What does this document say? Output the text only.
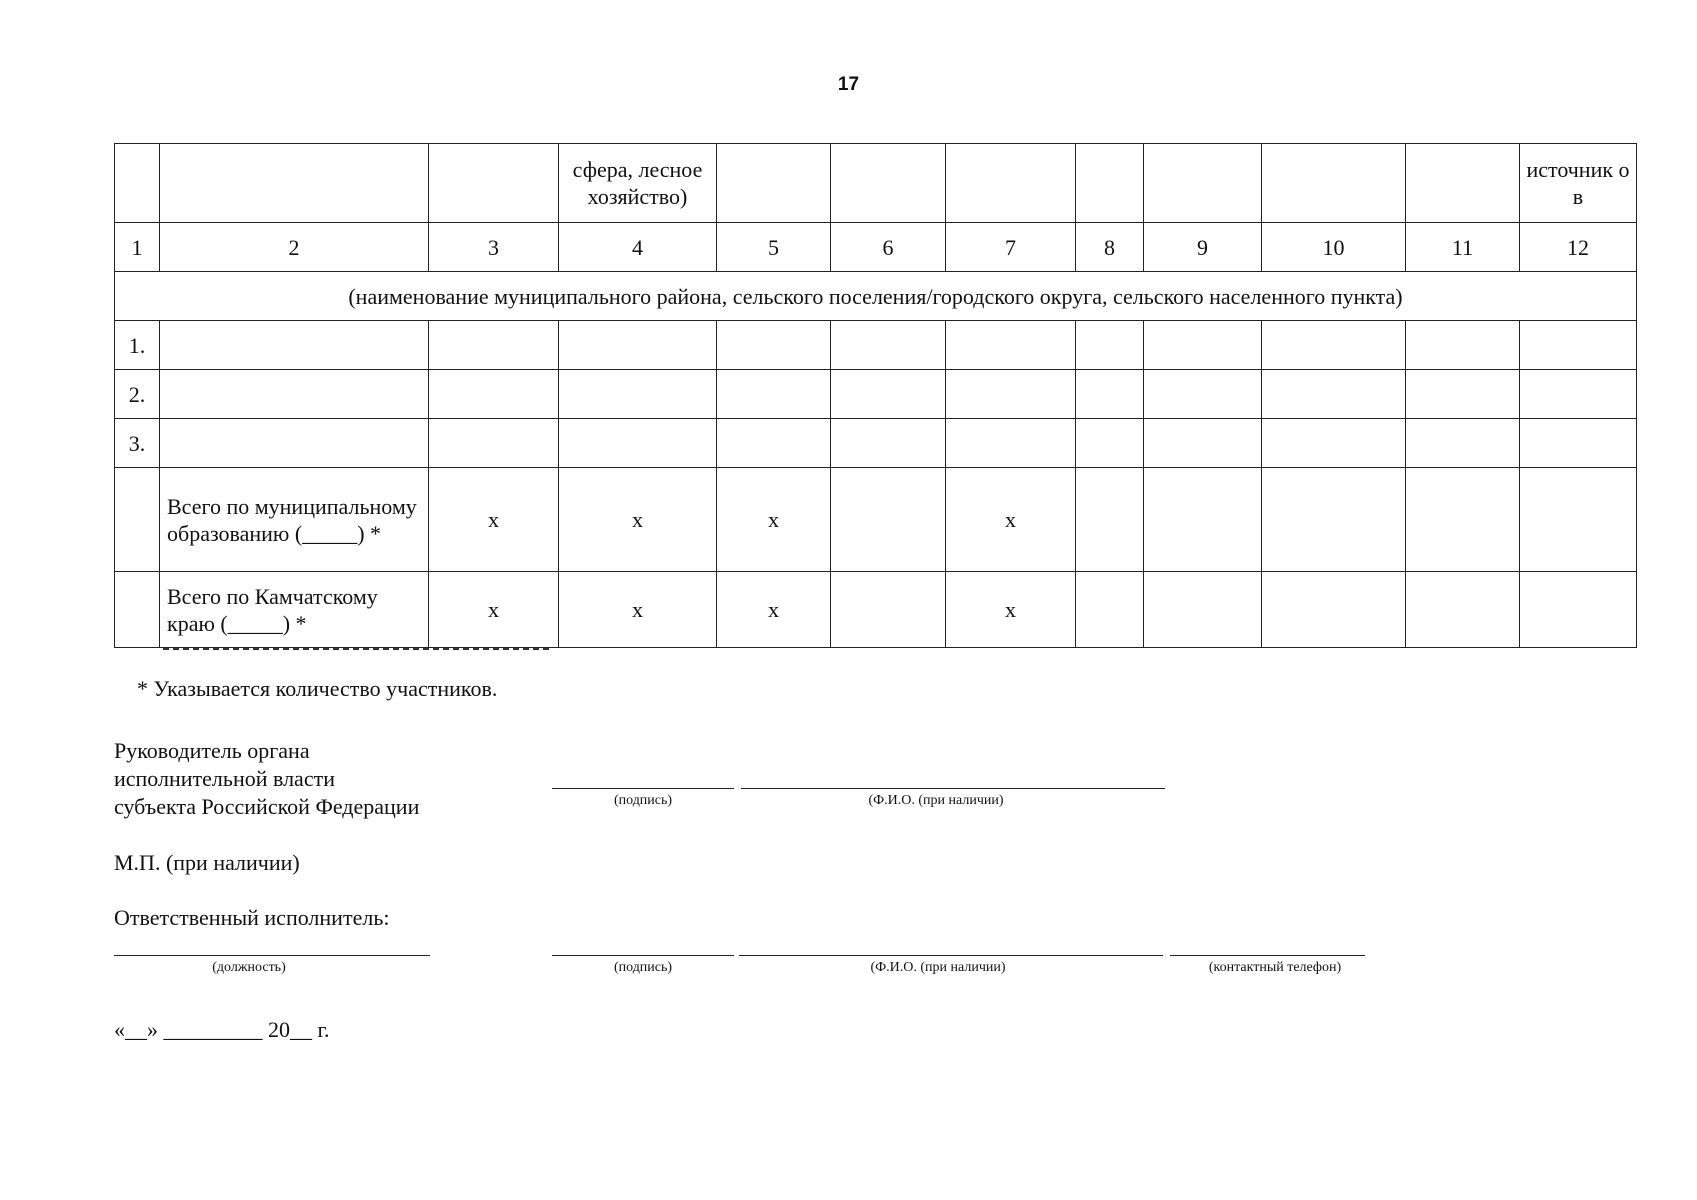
17
			сфера, лесное хозяйство)								источник ов
1	2	3	4	5	6	7	8	9	10	11	12
(наименование муниципального района, сельского поселения/городского округа, сельского населенного пункта)											
1.											
2.											
3.											
	Всего по муниципальному образованию (_____) *	x	x	x		x					
	Всего по Камчатскому краю (_____) *	x	x	x		x					
* Указывается количество участников.
Руководитель органа
исполнительной власти
субъекта Российской Федерации	(подпись)	(Ф.И.О. (при наличии)
М.П. (при наличии)
Ответственный исполнитель:
(должность)	(подпись)	(Ф.И.О. (при наличии)	(контактный телефон)
«__» _________ 20__ г.
